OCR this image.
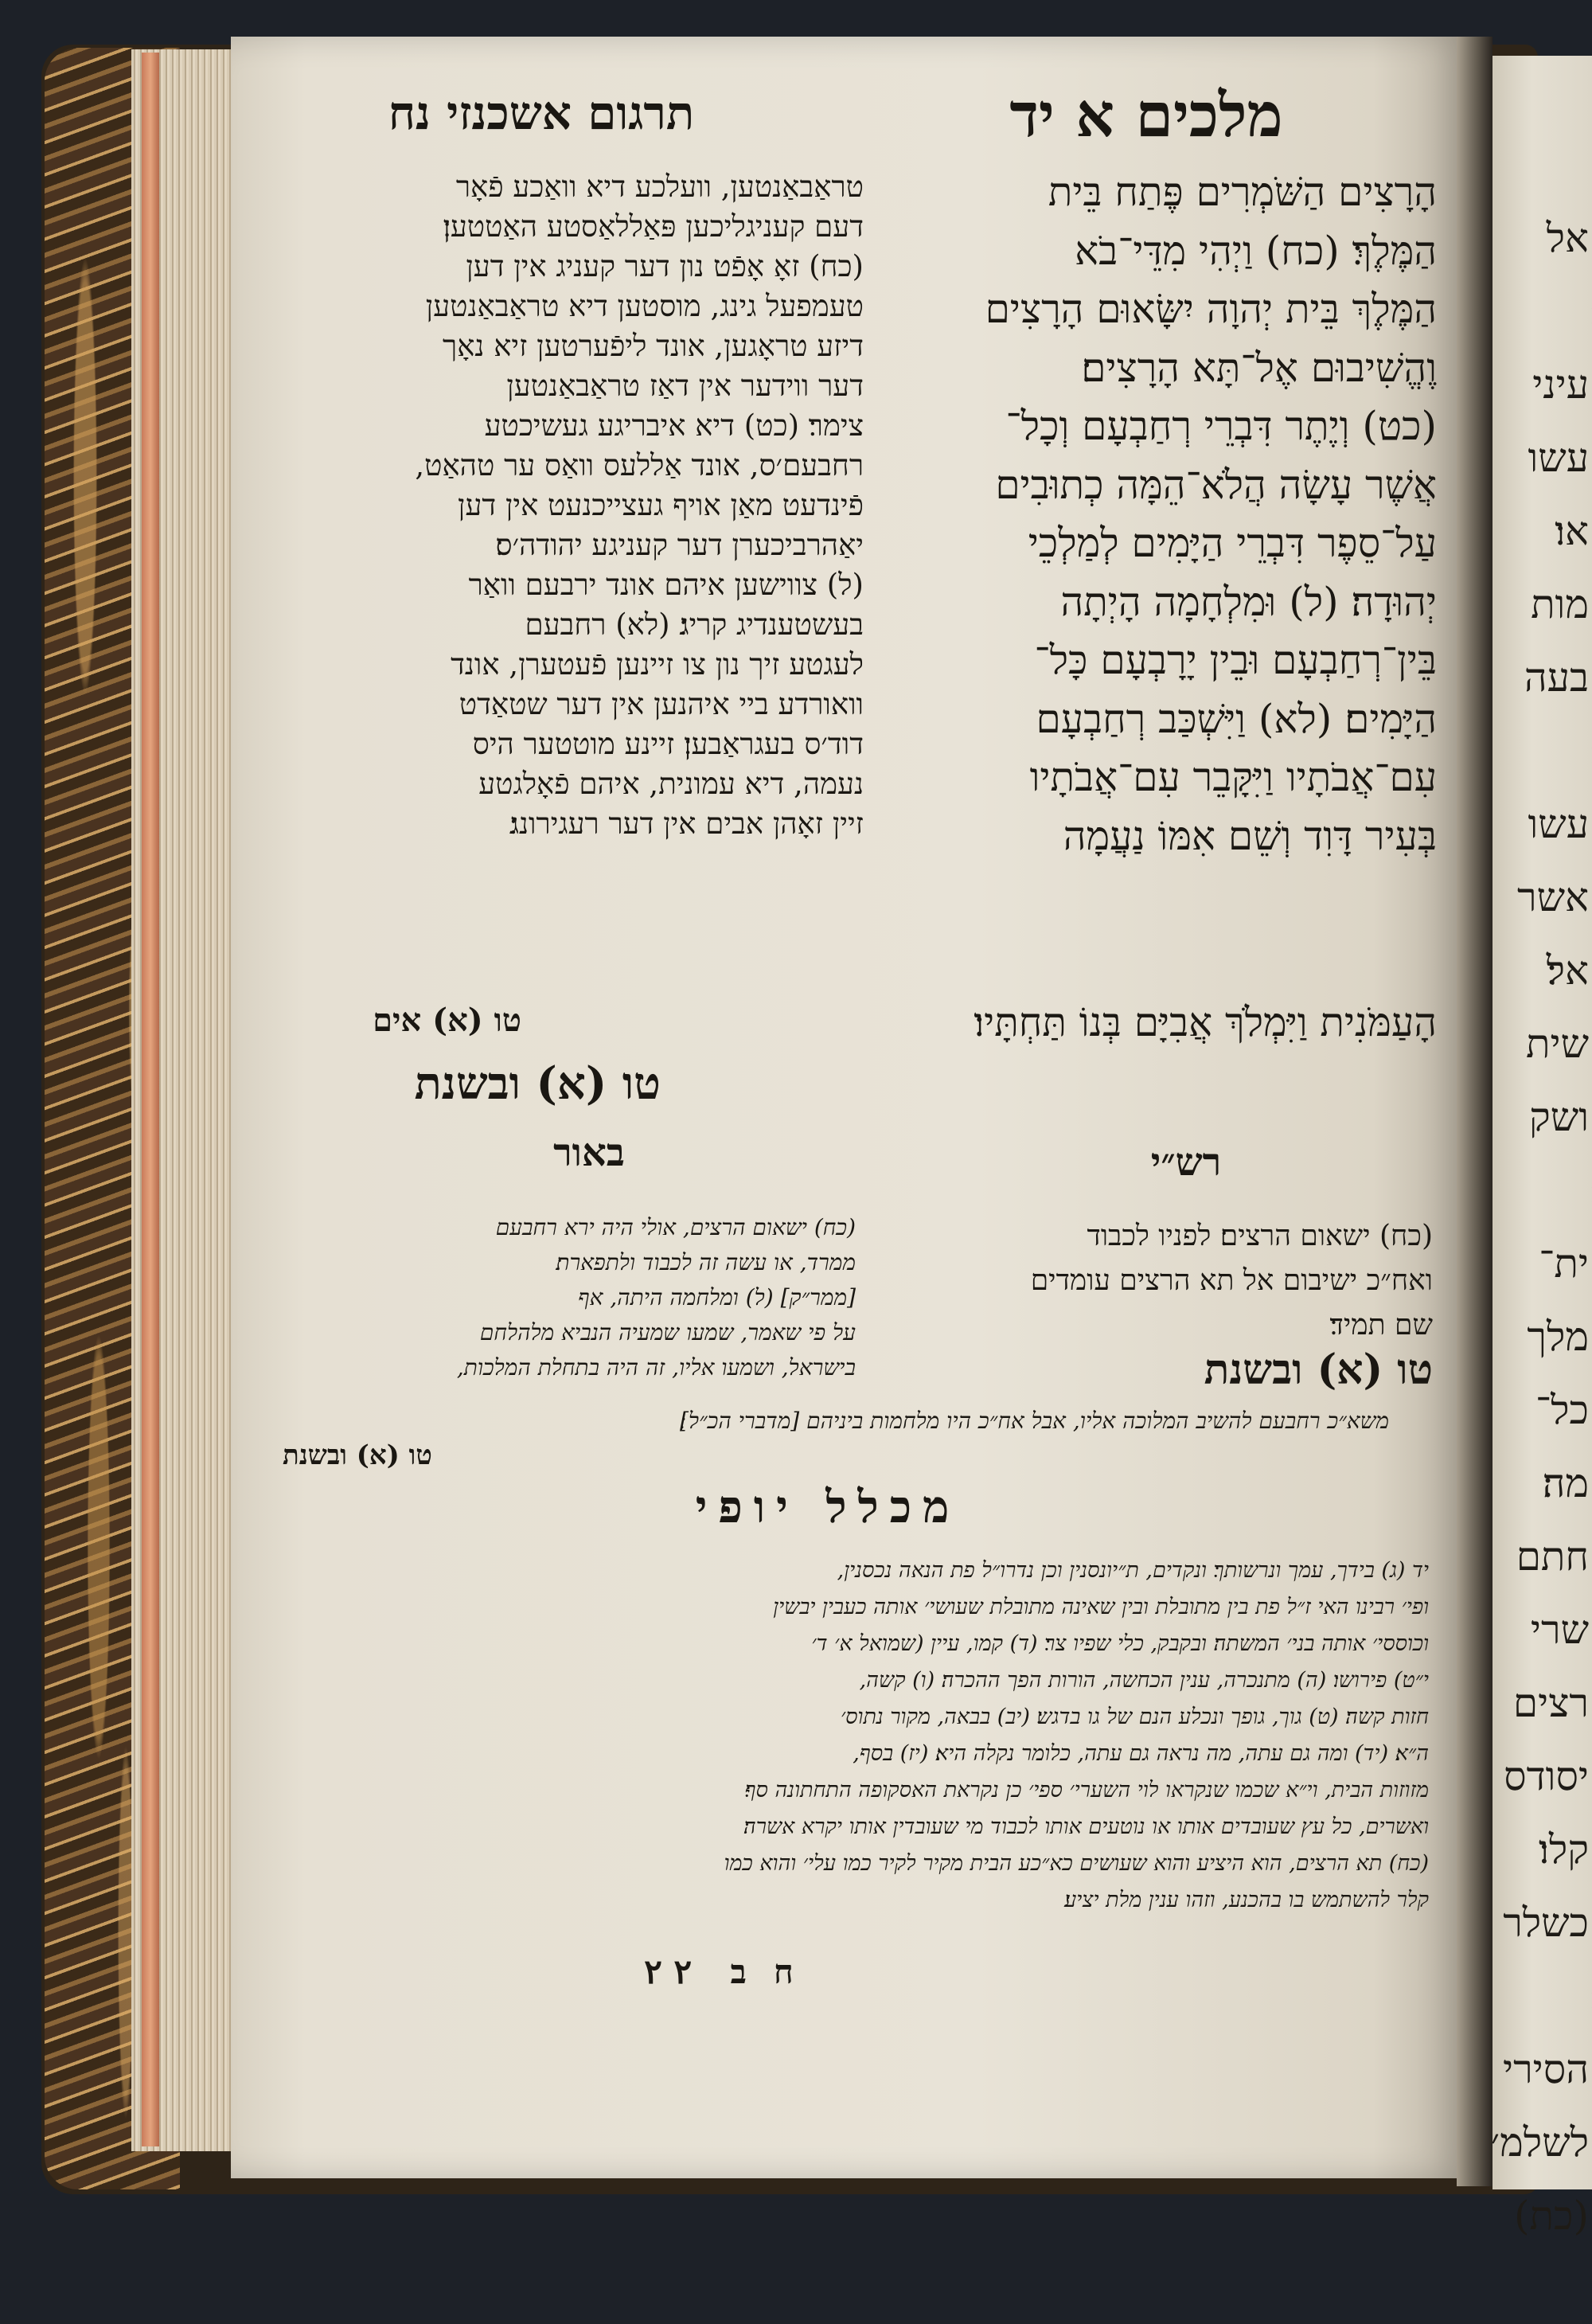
אל
עיני
עשו
או׃
מות
בעה
עשו
אשר
אל׃
שית
ושק
ית־
מלך
כל־
מה׃
חתם
שרי
רצים
יסודס
קלו׃
כשלר
הסירי
לשלמ׳
(כת)
מלכים א יד
תרגום אשכנזי נח
הָרָצִים הַשֹּׁמְרִים פֶּתַח בֵּית
הַמֶּלֶךְ׃ (כח) וַיְהִי מִדֵּי־בֹא
הַמֶּלֶךְ בֵּית יְהוָה יִשָּׂאוּם הָרָצִים
וֶהֱשִׁיבוּם אֶל־תָּא הָרָצִים׃
(כט) וְיֶתֶר דִּבְרֵי רְחַבְעָם וְכָל־
אֲשֶׁר עָשָׂה הֲלֹא־הֵמָּה כְתוּבִים
עַל־סֵפֶר דִּבְרֵי הַיָּמִים לְמַלְכֵי
יְהוּדָה׃ (ל) וּמִלְחָמָה הָיְתָה
בֵּין־רְחַבְעָם וּבֵין יָרָבְעָם כָּל־
הַיָּמִים׃ (לא) וַיִּשְׁכַּב רְחַבְעָם
עִם־אֲבֹתָיו וַיִּקָּבֵר עִם־אֲבֹתָיו
בְּעִיר דָּוִד וְשֵׁם אִמּוֹ נַעֲמָה
טראַבאַנטען, וועלכע דיא וואַכע פֿאָר
דעם קעניגליכען פּאַללאַסטע האַטטען׃
(כח) זאָ אָפֿט נון דער קעניג אין דען
טעמפעל גינג, מוסטען דיא טראַבאַנטען
דיזע טראָגען, אונד ליפֿערטען זיא נאָך
דער ווידער אין דאַז טראַבאַנטען
צימר׃ (כט) דיא איבריגע געשיכטע
רחבעם׳ס, אונד אַללעס וואַס ער טהאַט,
פֿינדעט מאַן אויף געצייכנעט אין דען
יאַהרביכערן דער קעניגע יהודה׳ס׃
(ל) צווישען איהם אונד ירבעם וואַר
בעשטענדיג קריג׃ (לא) רחבעם
לעגטע זיך נון צו זיינען פֿעטערן, אונד
וואורדע ביי איהנען אין דער שטאַדט
דוד׳ס בעגראַבען׃ זיינע מוטטער היס
נעמה, דיא עמונית, איהם פֿאָלגטע
זיין זאָהן אבים אין דער רעגירונג׃
הָעַמֹּנִית וַיִּמְלֹךְ אֲבִיָּם בְּנוֹ תַּחְתָּיו׃
טו (א) אים
טו (א) ובשנת
רש״י
באור
(כח) ישאום הרצים׃ לפניו לכבוד
ואח״כ ישיבום אל תא הרצים עומדים
שם תמיד׃
טו (א) ובשנת
(כח) ישאום הרצים, אולי היה ירא רחבעם
ממרד, או עשה זה לכבוד ולתפארת׃
[ממר״ק] (ל) ומלחמה היתה, אף
על פי שאמר, שמעו שמעיה הנביא מלהלחם
בישראל, ושמעו אליו, זה היה בתחלת המלכות,
משא״כ רחבעם להשיב המלוכה אליו, אבל אח״כ היו מלחמות ביניהם [מדברי הכ״ל]׃
טו (א) ובשנת
מכלל יופי
יד (ג) בידך, עמך ונרשותך׃ ונקדים, ת״יונסנין וכן נדרו״ל פת הנאה נכסנין,
ופי׳ רבינו האי ז״ל פת בין מתובלת ובין שאינה מתובלת שעושי׳ אותה כעבין יבשין
וכוססי׳ אותה בני׳ המשתה׃ ובקבק, כלי שפיו צר׃ (ד) קמו, עיין (שמואל א׳ ד׳
י״ט) פירושו׃ (ה) מתנכרה, ענין הכחשה, הורות הפך ההכרה׃ (ו) קשה,
חזות קשה׃ (ט) גוך, גופך ונכלע הנם של גו בדגש׃ (יב) בבאה, מקור נתוס׳
ה״א׃ (יד) ומה גם עתה, מה נראה גם עתה, כלומר נקלה היא׃ (יז) בסף,
מזוזות הבית, וי״א שכמו שנקראו לוי השערי׳ ספי׳ כן נקראת האסקופה התחתונה סף׃
ואשרים, כל עץ שעובדים אותו או נוטעים אותו לכבוד מי שעובדין אותו יקרא אשרה׃
(כח) תא הרצים, הוא היציע והוא שעושים כא״כע הבית מקיר לקיר כמו עלי׳ והוא כמו
קלר להשתמש בו בהכנע, וזהו ענין מלת יציע׃
חב ٢ ٢
